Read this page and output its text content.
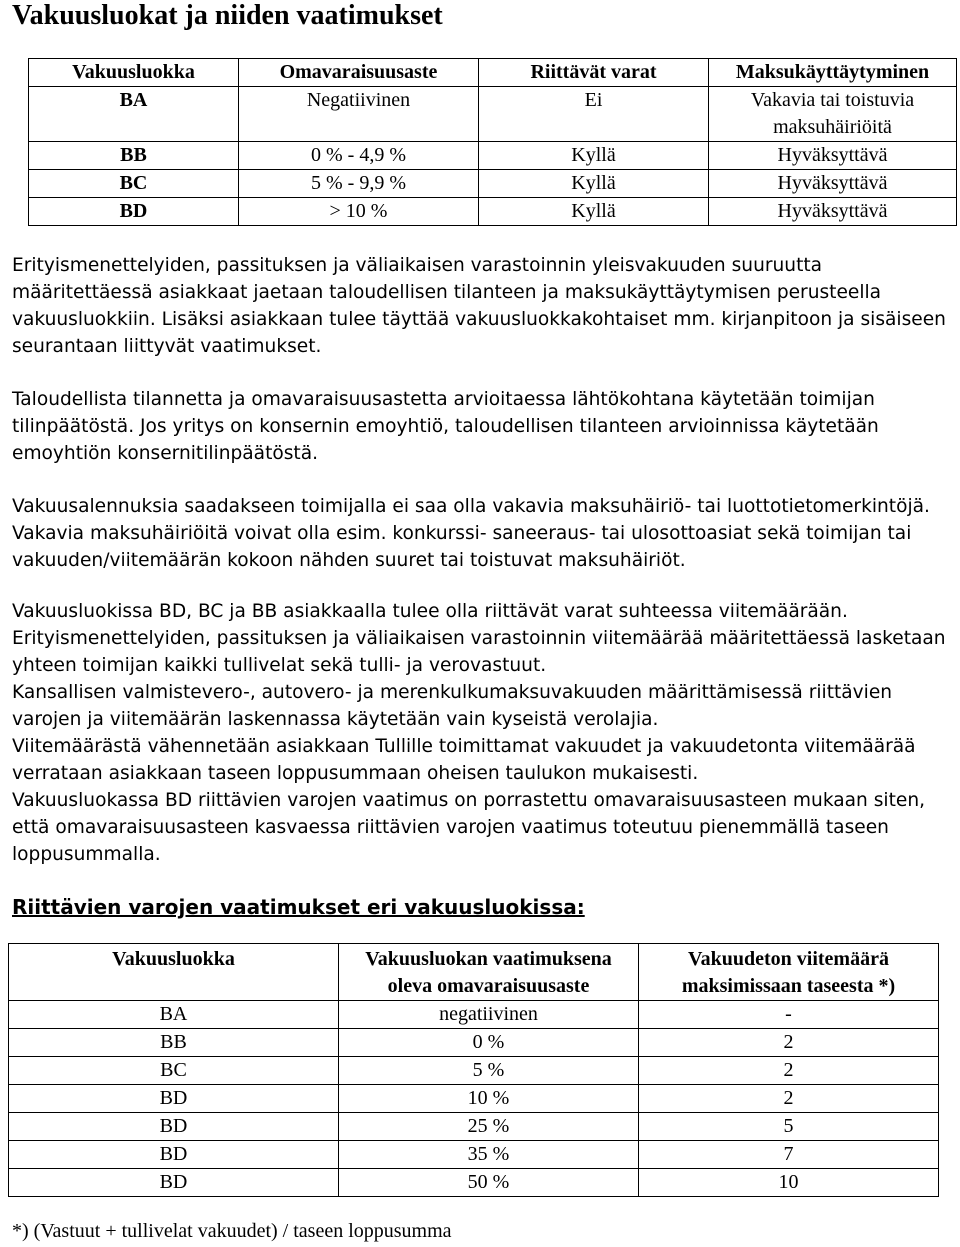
Vakuusluokat ja niiden vaatimukset
Vakuusluokka	Omavaraisuusaste	Riittävät varat	Maksukäyttäytyminen
BA	Negatiivinen	Ei	Vakavia tai toistuvia maksuhäiriöitä
BB	0 % - 4,9 %	Kyllä	Hyväksyttävä
BC	5 % - 9,9 %	Kyllä	Hyväksyttävä
BD	> 10 %	Kyllä	Hyväksyttävä

Erityismenettelyiden, passituksen ja väliaikaisen varastoinnin yleisvakuuden suuruutta määritettäessä asiakkaat jaetaan taloudellisen tilanteen ja maksukäyttäytymisen perusteella vakuusluokkiin. Lisäksi asiakkaan tulee täyttää vakuusluokkakohtaiset mm. kirjanpitoon ja sisäiseen seurantaan liittyvät vaatimukset.

Taloudellista tilannetta ja omavaraisuusastetta arvioitaessa lähtökohtana käytetään toimijan tilinpäätöstä. Jos yritys on konsernin emoyhtiö, taloudellisen tilanteen arvioinnissa käytetään emoyhtiön konsernitilinpäätöstä.

Vakuusalennuksia saadakseen toimijalla ei saa olla vakavia maksuhäiriö- tai luottotietomerkintöjä. Vakavia maksuhäiriöitä voivat olla esim. konkurssi- saneeraus- tai ulosottoasiat sekä toimijan tai vakuuden/viitemäärän kokoon nähden suuret tai toistuvat maksuhäiriöt.

Vakuusluokissa BD, BC ja BB asiakkaalla tulee olla riittävät varat suhteessa viitemäärään.

Erityismenettelyiden, passituksen ja väliaikaisen varastoinnin viitemäärää määritettäessä lasketaan yhteen toimijan kaikki tullivelat sekä tulli- ja verovastuut.

Kansallisen valmistevero-, autovero- ja merenkulkumaksuvakuuden määrittämisessä riittävien varojen ja viitemäärän laskennassa käytetään vain kyseistä verolajia.

Viitemäärästä vähennetään asiakkaan Tullille toimittamat vakuudet ja vakuudetonta viitemäärää verrataan asiakkaan taseen loppusummaan oheisen taulukon mukaisesti.

Vakuusluokassa BD riittävien varojen vaatimus on porrastettu omavaraisuusasteen mukaan siten, että omavaraisuusasteen kasvaessa riittävien varojen vaatimus toteutuu pienemmällä taseen loppusummalla.

Riittävien varojen vaatimukset eri vakuusluokissa:

Vakuusluokka	Vakuusluokan vaatimuksena oleva omavaraisuusaste	Vakuudeton viitemäärä maksimissaan taseesta *)
BA	negatiivinen	-
BB	0 %	2
BC	5 %	2
BD	10 %	2
BD	25 %	5
BD	35 %	7
BD	50 %	10

*) (Vastuut + tullivelat vakuudet) / taseen loppusumma
